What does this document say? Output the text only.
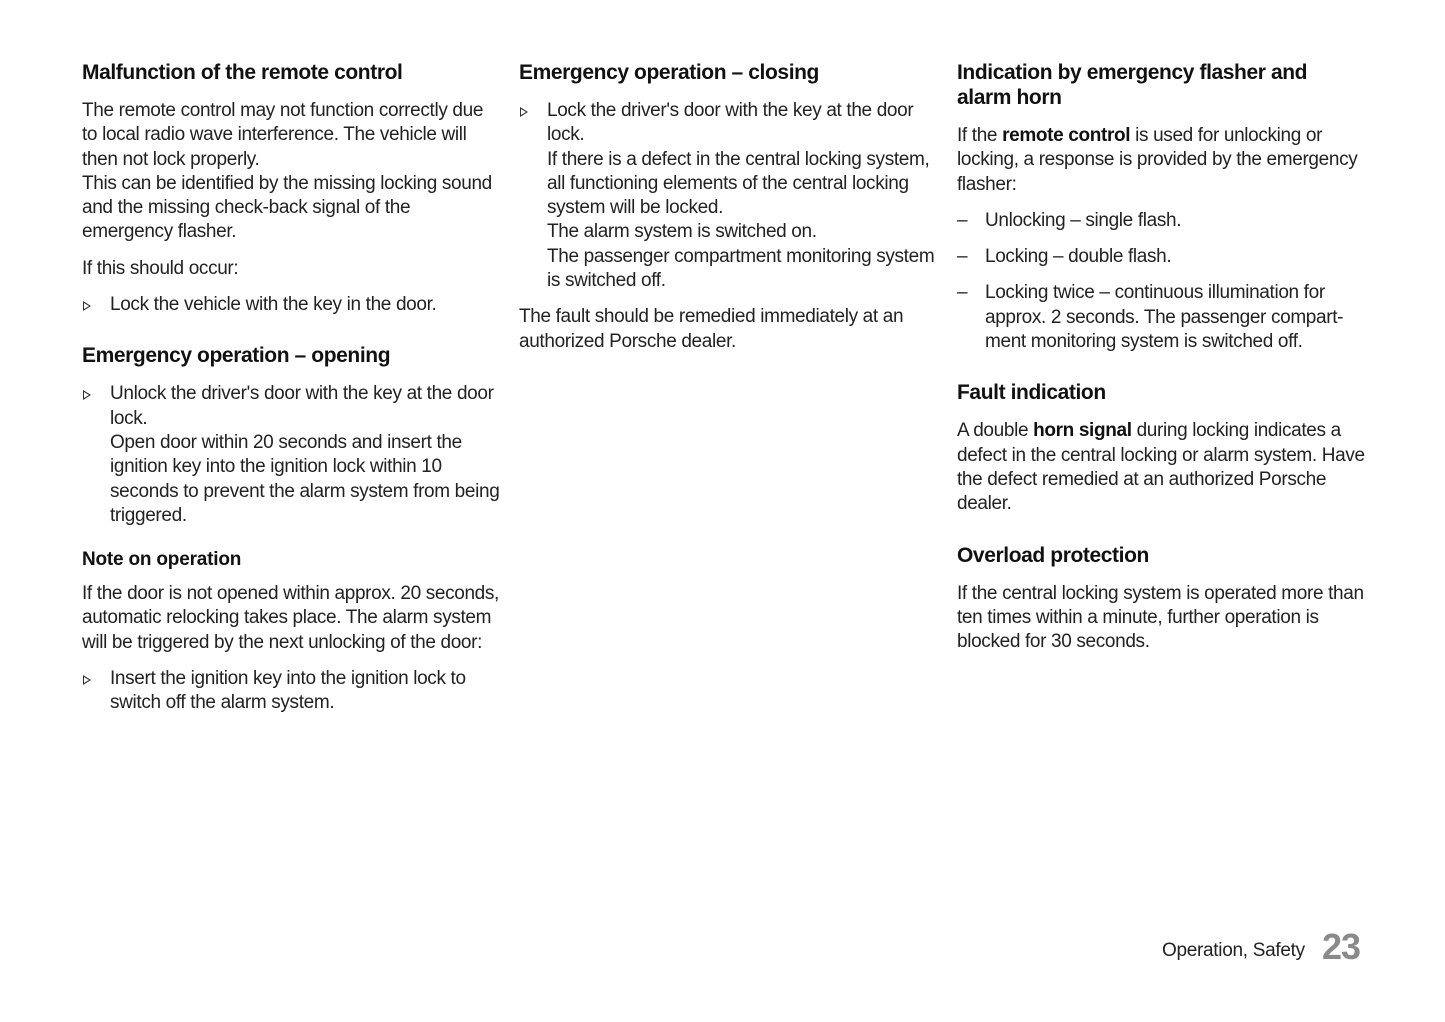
Malfunction of the remote control

The remote control may not function correctly due to local radio wave interference. The vehicle will then not lock properly.

This can be identified by the missing locking sound and the missing check-back signal of the emergency flasher.

If this should occur:

Lock the vehicle with the key in the door.

Emergency operation – opening

Unlock the driver's door with the key at the door lock.

Open door within 20 seconds and insert the ignition key into the ignition lock within 10 seconds to prevent the alarm system from being triggered.

Note on operation

If the door is not opened within approx. 20 seconds, automatic relocking takes place. The alarm system will be triggered by the next unlocking of the door:

Insert the ignition key into the ignition lock to switch off the alarm system.

Emergency operation – closing

Lock the driver's door with the key at the door lock.

If there is a defect in the central locking system, all functioning elements of the central locking system will be locked.

The alarm system is switched on.

The passenger compartment monitoring system is switched off.

The fault should be remedied immediately at an authorized Porsche dealer.

Indication by emergency flasher and alarm horn

If the remote control is used for unlocking or locking, a response is provided by the emergency flasher:

– Unlocking – single flash.

– Locking – double flash.

– Locking twice – continuous illumination for approx. 2 seconds. The passenger compartment monitoring system is switched off.

Fault indication

A double horn signal during locking indicates a defect in the central locking or alarm system. Have the defect remedied at an authorized Porsche dealer.

Overload protection

If the central locking system is operated more than ten times within a minute, further operation is blocked for 30 seconds.

Operation, Safety 23
